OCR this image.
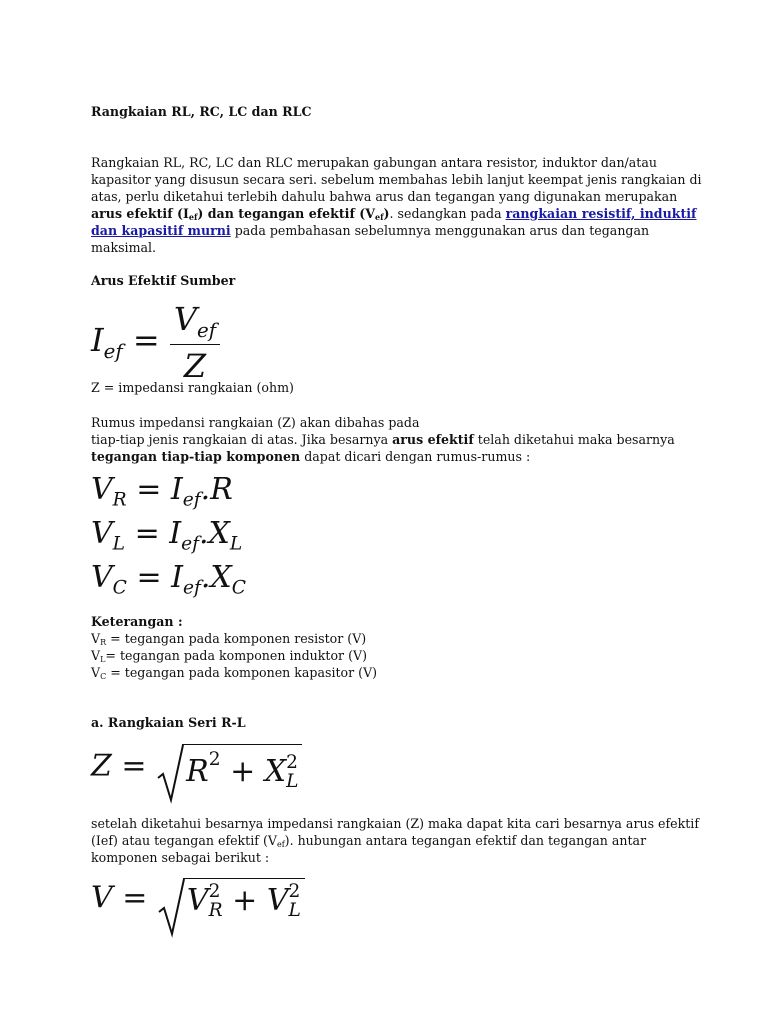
Rangkaian RL, RC, LC dan RLC

Rangkaian RL, RC, LC dan RLC merupakan gabungan antara resistor, induktor dan/atau kapasitor yang disusun secara seri. sebelum membahas lebih lanjut keempat jenis rangkaian di atas, perlu diketahui terlebih dahulu bahwa arus dan tegangan yang digunakan merupakan arus efektif $(I_{ef})$ dan tegangan efektif $(V_{ef})$. sedangkan pada rangkaian resistif, induktif dan kapasitif murni pada pembahasan sebelumnya menggunakan arus dan tegangan maksimal.

Arus Efektif Sumber

$I_{ef} = \frac{V_{ef}}{Z}$

Z = impedansi rangkaian (ohm)

Rumus impedansi rangkaian (Z) akan dibahas pada
tiap-tiap jenis rangkaian di atas. Jika besarnya arus efektif telah diketahui maka besarnya tegangan tiap-tiap komponen dapat dicari dengan rumus-rumus :

$V_R = I_{ef}.R$
$V_L = I_{ef}.X_L$
$V_C = I_{ef}.X_C$
Keterangan :
$V_R$ = tegangan pada komponen resistor (V)
$V_L=$ tegangan pada komponen induktor (V)
$V_C$ = tegangan pada komponen kapasitor (V)

a. Rangkaian Seri R-L

$Z = R^2 + X$ 2
L

setelah diketahui besarnya impedansi rangkaian (Z) maka dapat kita cari besarnya arus efektif (Ief) atau tegangan efektif $(V_{ef})$. hubungan antara tegangan efektif dan tegangan antar komponen sebagai berikut :

V = V 2
R + V 2
L
